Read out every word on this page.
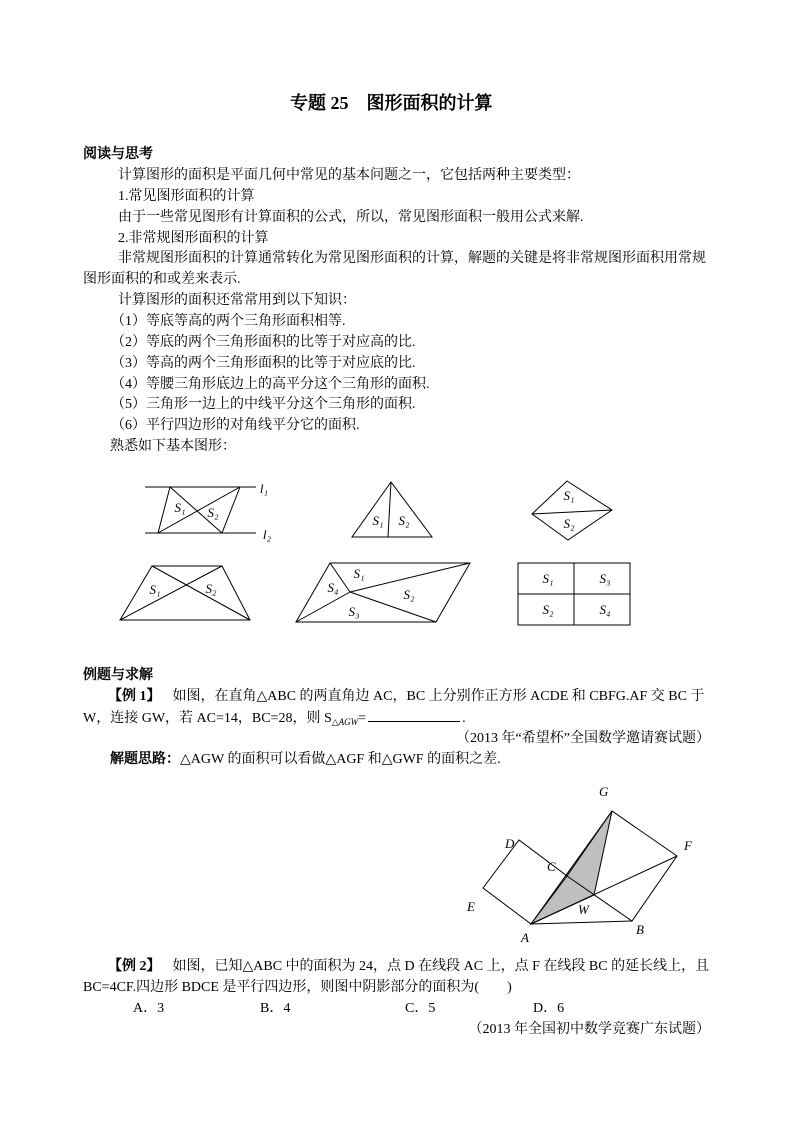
专题 25　图形面积的计算
阅读与思考
计算图形的面积是平面几何中常见的基本问题之一，它包括两种主要类型：
1.常见图形面积的计算
由于一些常见图形有计算面积的公式，所以，常见图形面积一般用公式来解.
2.非常规图形面积的计算
非常规图形面积的计算通常转化为常见图形面积的计算，解题的关键是将非常规图形面积用常规
图形面积的和或差来表示.
计算图形的面积还常常用到以下知识：
（1）等底等高的两个三角形面积相等.
（2）等底的两个三角形面积的比等于对应高的比.
（3）等高的两个三角形面积的比等于对应底的比.
（4）等腰三角形底边上的高平分这个三角形的面积.
（5）三角形一边上的中线平分这个三角形的面积.
（6）平行四边形的对角线平分它的面积.
熟悉如下基本图形：
S₁ S₂
l₁
l₂
S₁ S₂
S₁
S₂
S₁	S₂
S₁
S₂
S₃
S₄
S₁
S₂
S₃
S₄
例题与求解
【例 1】 如图，在直角△ABC 的两直角边 AC，BC 上分别作正方形 ACDE 和 CBFG.AF 交 BC 于
W，连接 GW，若 AC=14，BC=28，则 $S_{\triangle AGW}=$	.
（2013 年“希望杯”全国数学邀请赛试题）
解题思路：△AGW 的面积可以看做△AGF 和△GWF 的面积之差.
G
D	F
C
E	W
A
B
【例 2】 如图，已知△ABC 中的面积为 24，点 D 在线段 AC 上，点 F 在线段 BC 的延长线上，且
BC=4CF.四边形 BDCE 是平行四边形，则图中阴影部分的面积为(　　)
A．3	B．4	C．5	D．6
（2013 年全国初中数学竞赛广东试题）
